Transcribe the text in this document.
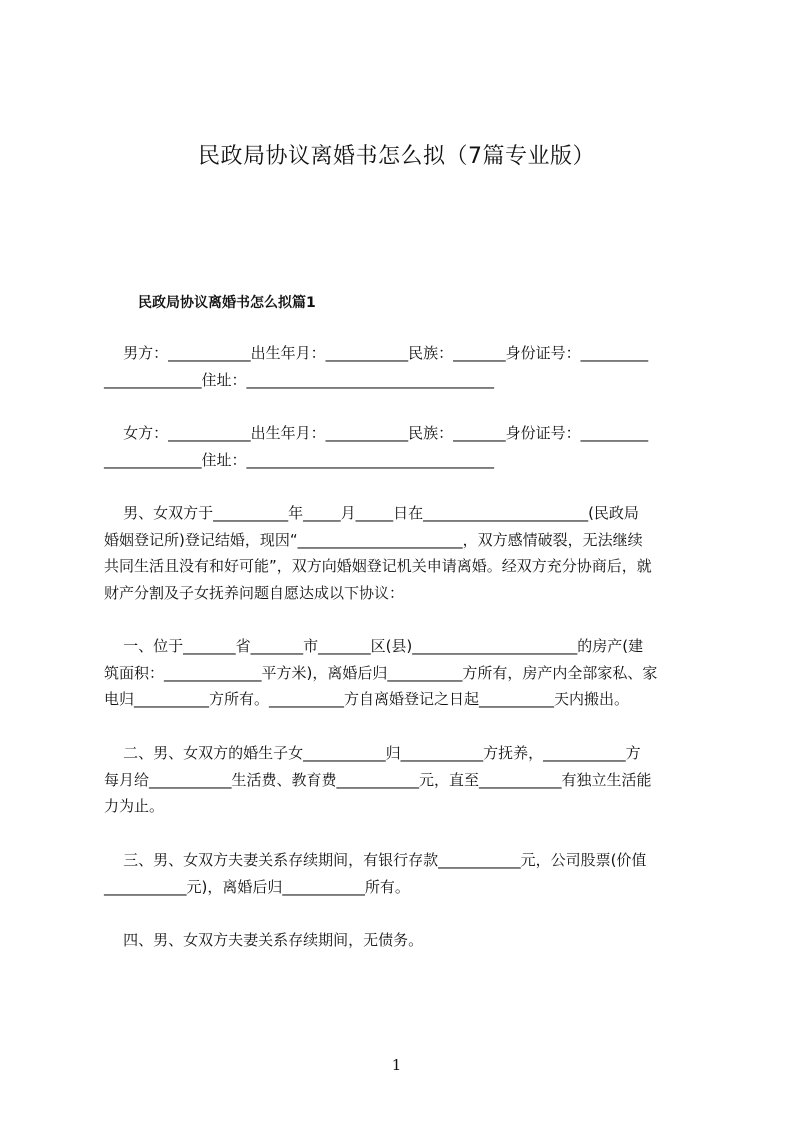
民政局协议离婚书怎么拟（7篇专业版）
民政局协议离婚书怎么拟篇1

男方：___________出生年月：___________民族：_______身份证号：_________

_____________住址：_________________________________

女方：___________出生年月：___________民族：_______身份证号：_________

_____________住址：_________________________________

男、女双方于__________年_____月_____日在______________________(民政局

婚姻登记所)登记结婚，现因“______________________，双方感情破裂，无法继续

共同生活且没有和好可能”，双方向婚姻登记机关申请离婚。经双方充分协商后，就

财产分割及子女抚养问题自愿达成以下协议：

一、位于_______省_______市_______区(县)______________________的房产(建

筑面积：_____________平方米)，离婚后归__________方所有，房产内全部家私、家

电归__________方所有。__________方自离婚登记之日起__________天内搬出。

二、男、女双方的婚生子女___________归___________方抚养，___________方

每月给___________生活费、教育费___________元，直至___________有独立生活能

力为止。

三、男、女双方夫妻关系存续期间，有银行存款___________元，公司股票(价值

___________元)，离婚后归___________所有。

四、男、女双方夫妻关系存续期间，无债务。

1
